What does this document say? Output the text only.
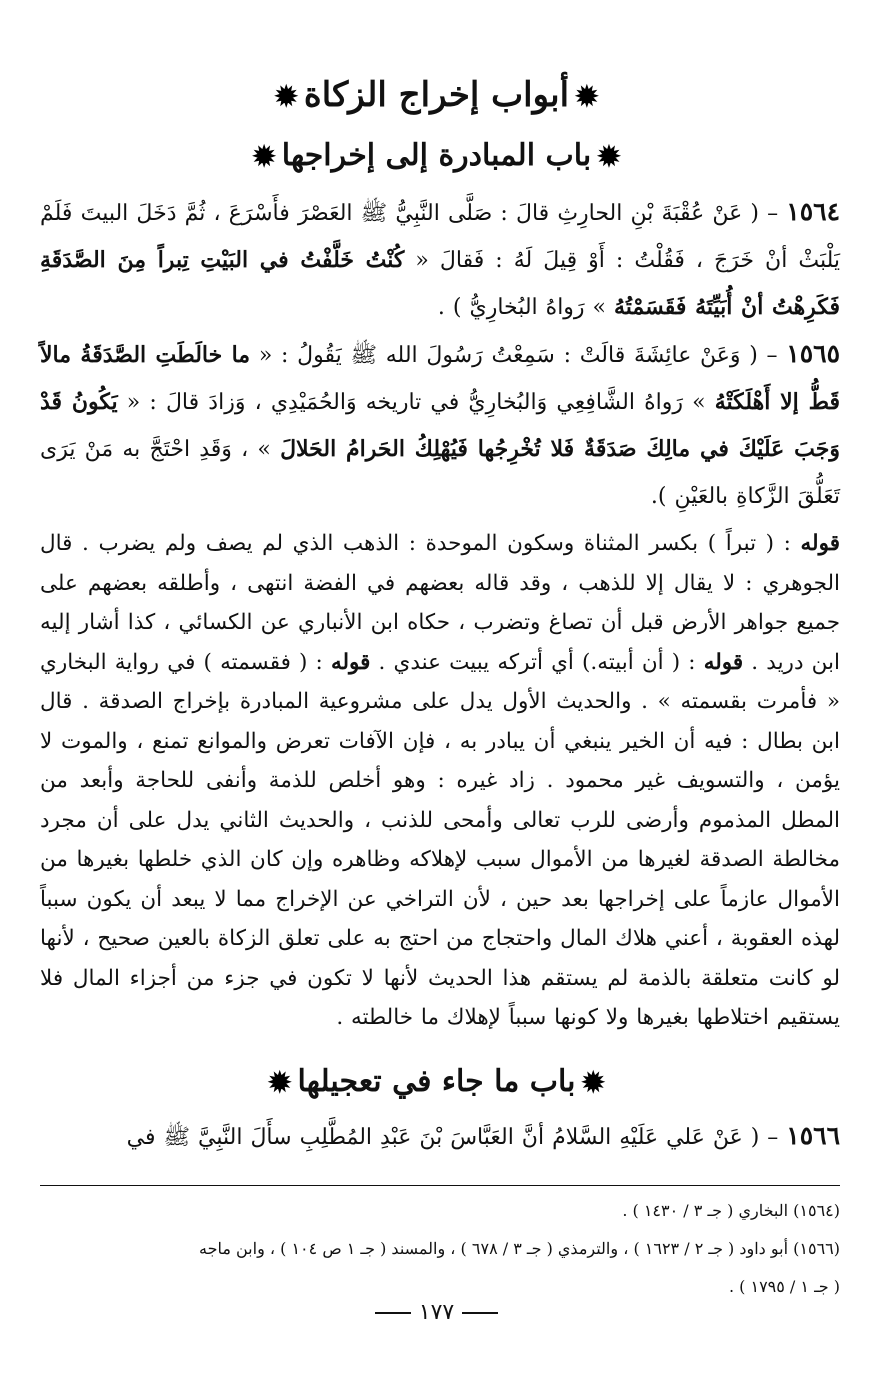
✹أبواب إخراج الزكاة✹
✹باب المبادرة إلى إخراجها✹
١٥٦٤ – ( عَنْ عُقْبَةَ بْنِ الحارِثِ قالَ : صَلَّى النَّبِيُّ ﷺ العَصْرَ فأَسْرَعَ ، ثُمَّ دَخَلَ البيتَ فَلَمْ يَلْبَثْ أنْ خَرَجَ ، فَقُلْتُ : أَوْ قِيلَ لَهُ : فَقالَ « كُنْتُ خَلَّفْتُ في البَيْتِ تِبراً مِنَ الصَّدَقَةِ فَكَرِهْتُ أنْ أُبَيِّتَهُ فَقَسَمْتُهُ » رَواهُ البُخارِيُّ ) .
١٥٦٥ – ( وَعَنْ عائِشَةَ قالَتْ : سَمِعْتُ رَسُولَ الله ﷺ يَقُولُ : « ما خالَطَتِ الصَّدَقَةُ مالاً قَطُّ إلا أَهْلَكَتْهُ » رَواهُ الشَّافِعِي وَالبُخارِيُّ في تاريخه وَالحُمَيْدِي ، وَزادَ قالَ : « يَكُونُ قَدْ وَجَبَ عَلَيْكَ في مالِكَ صَدَقَةٌ فَلا تُخْرِجُها فَيُهْلِكُ الحَرامُ الحَلالَ » ، وَقَدِ احْتَجَّ به مَنْ يَرَى تَعَلُّقَ الزَّكاةِ بالعَيْنِ ).
قوله : ( تبراً ) بكسر المثناة وسكون الموحدة : الذهب الذي لم يصف ولم يضرب . قال الجوهري : لا يقال إلا للذهب ، وقد قاله بعضهم في الفضة انتهى ، وأطلقه بعضهم على جميع جواهر الأرض قبل أن تصاغ وتضرب ، حكاه ابن الأنباري عن الكسائي ، كذا أشار إليه ابن دريد . قوله : ( أن أبيته.) أي أتركه يبيت عندي . قوله : ( فقسمته ) في رواية البخاري « فأمرت بقسمته » . والحديث الأول يدل على مشروعية المبادرة بإخراج الصدقة . قال ابن بطال : فيه أن الخير ينبغي أن يبادر به ، فإن الآفات تعرض والموانع تمنع ، والموت لا يؤمن ، والتسويف غير محمود . زاد غيره : وهو أخلص للذمة وأنفى للحاجة وأبعد من المطل المذموم وأرضى للرب تعالى وأمحى للذنب ، والحديث الثاني يدل على أن مجرد مخالطة الصدقة لغيرها من الأموال سبب لإهلاكه وظاهره وإن كان الذي خلطها بغيرها من الأموال عازماً على إخراجها بعد حين ، لأن التراخي عن الإخراج مما لا يبعد أن يكون سبباً لهذه العقوبة ، أعني هلاك المال واحتجاج من احتج به على تعلق الزكاة بالعين صحيح ، لأنها لو كانت متعلقة بالذمة لم يستقم هذا الحديث لأنها لا تكون في جزء من أجزاء المال فلا يستقيم اختلاطها بغيرها ولا كونها سبباً لإهلاك ما خالطته .
✹باب ما جاء في تعجيلها✹
١٥٦٦ – ( عَنْ عَلي عَلَيْهِ السَّلامُ أنَّ العَبَّاسَ بْنَ عَبْدِ المُطَّلِبِ سأَلَ النَّبِيَّ ﷺ في
(١٥٦٤) البخاري ( جـ ٣ / ١٤٣٠ ) .
(١٥٦٦) أبو داود ( جـ ٢ / ١٦٢٣ ) ، والترمذي ( جـ ٣ / ٦٧٨ ) ، والمسند ( جـ ١ ص ١٠٤ ) ، وابن ماجه
( جـ ١ / ١٧٩٥ ) .
١٧٧
